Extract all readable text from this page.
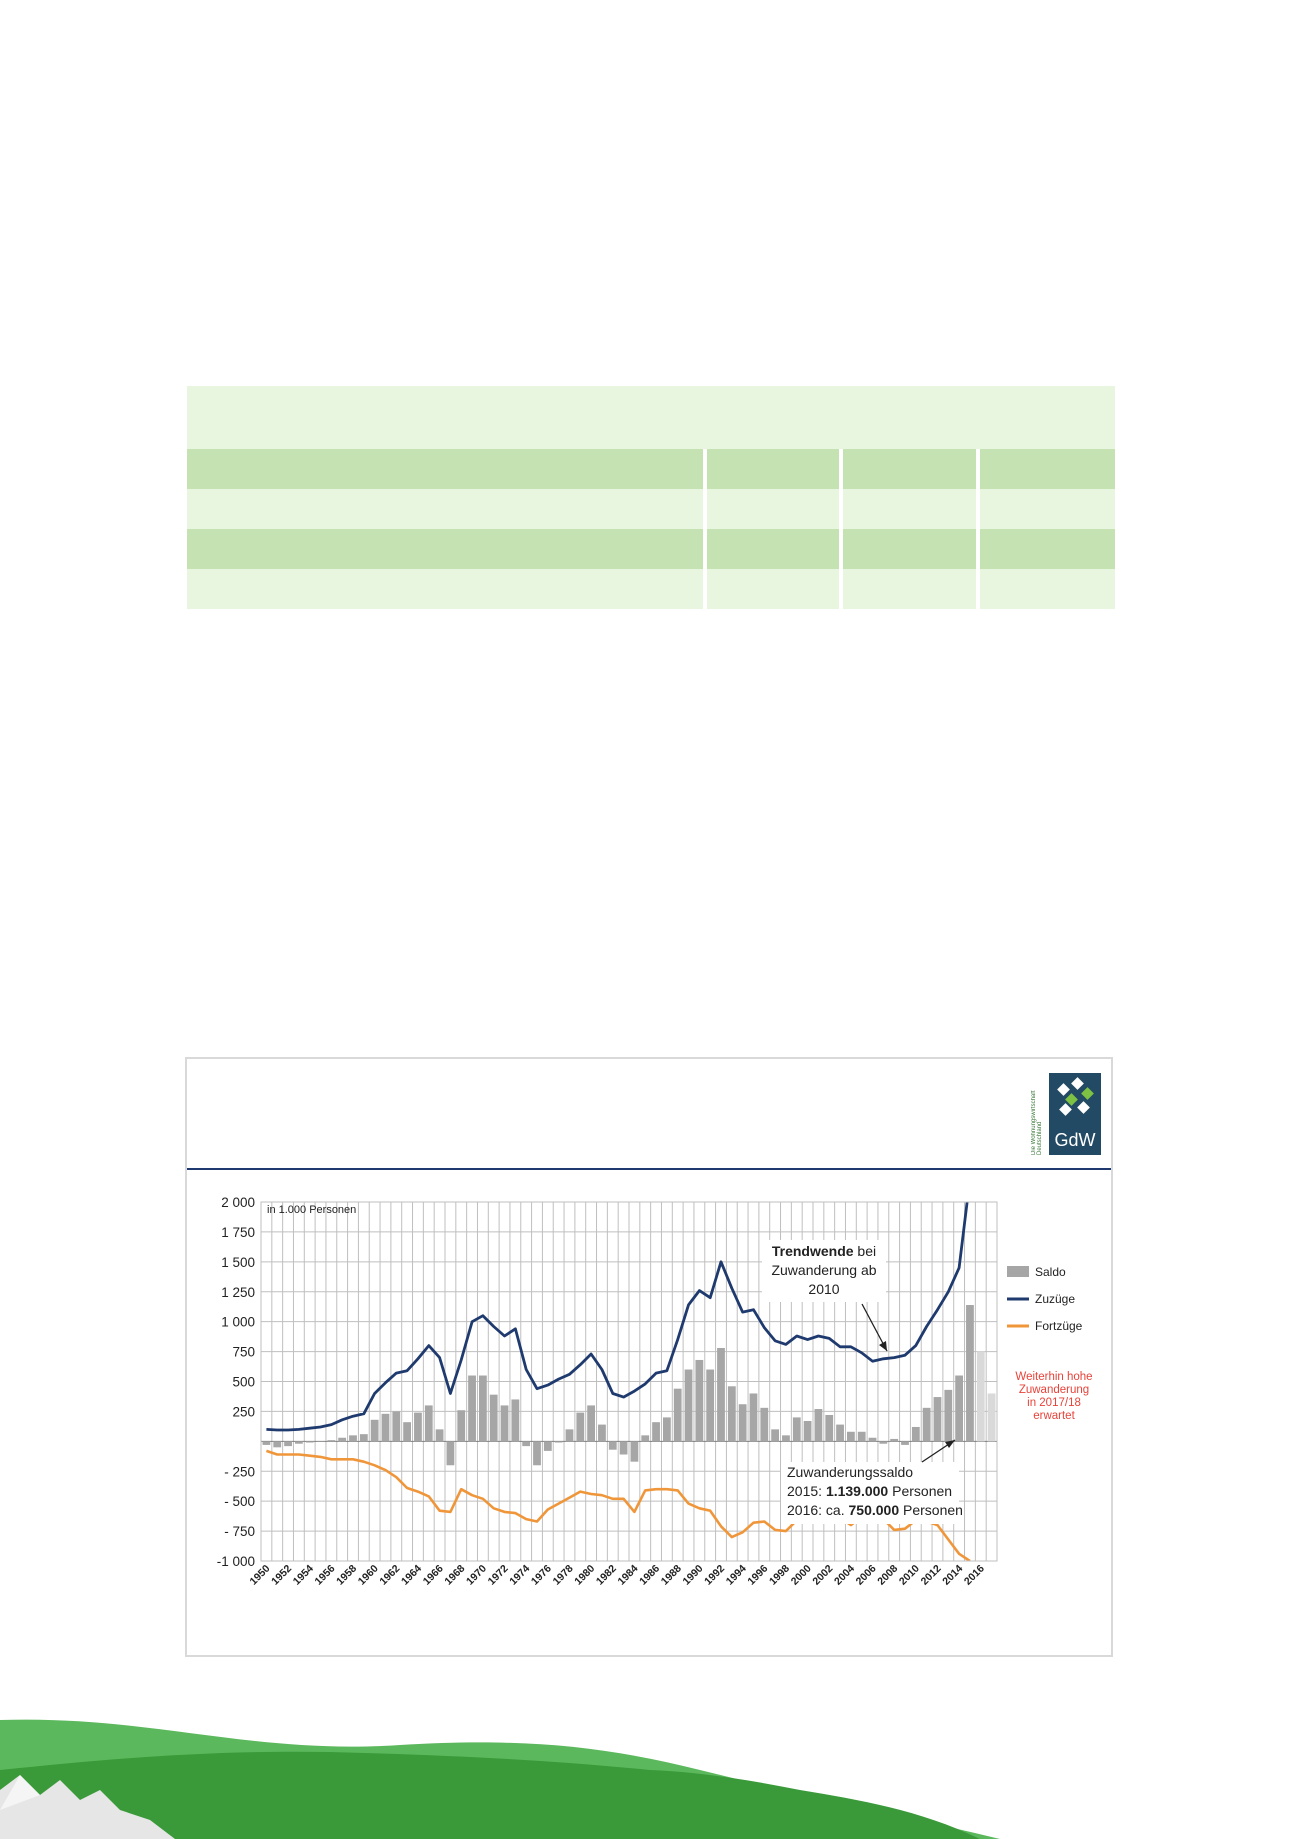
Die Wohnungswirtschaft Deutschland GdW
2 000
1 750
1 500
1 250
1 000
750
500
250
- 250
- 500
- 750
-1 000
1950
1952
1954
1956
1958
1960
1962
1964
1966
1968
1970
1972
1974
1976
1978
1980
1982
1984
1986
1988
1990
1992
1994
1996
1998
2000
2002
2004
2006
2008
2010
2012
2014
2016
in 1.000 Personen
Saldo
Zuzüge
Fortzüge
Trendwende bei
Zuwanderung ab
2010
Zuwanderungssaldo
2015: 1.139.000 Personen
2016: ca. 750.000 Personen
Weiterhin hohe
Zuwanderung
in 2017/18
erwartet
